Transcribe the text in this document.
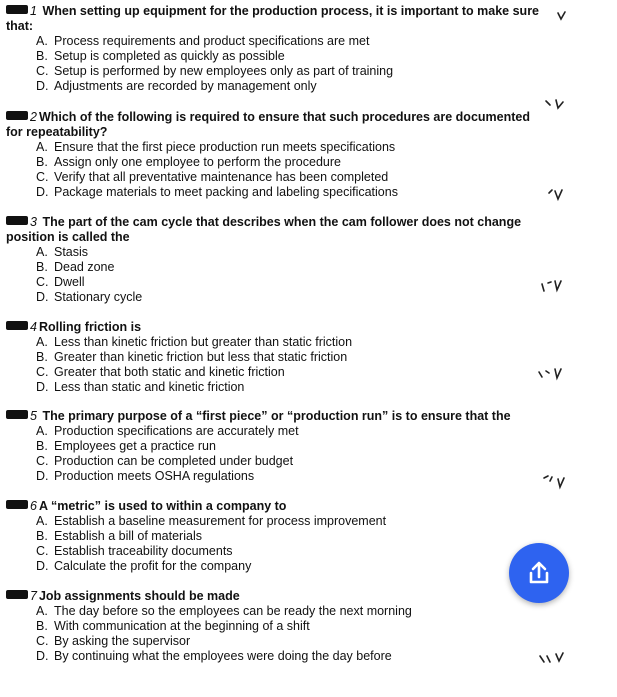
1 When setting up equipment for the production process, it is important to make sure
that:
A. Process requirements and product specifications are met
B. Setup is completed as quickly as possible
C. Setup is performed by new employees only as part of training
D. Adjustments are recorded by management only
2 Which of the following is required to ensure that such procedures are documented
for repeatability?
A. Ensure that the first piece production run meets specifications
B. Assign only one employee to perform the procedure
C. Verify that all preventative maintenance has been completed
D. Package materials to meet packing and labeling specifications
3 The part of the cam cycle that describes when the cam follower does not change
position is called the
A. Stasis
B. Dead zone
C. Dwell
D. Stationary cycle
4 Rolling friction is
A. Less than kinetic friction but greater than static friction
B. Greater than kinetic friction but less that static friction
C. Greater that both static and kinetic friction
D. Less than static and kinetic friction
5 The primary purpose of a “first piece” or “production run” is to ensure that the
A. Production specifications are accurately met
B. Employees get a practice run
C. Production can be completed under budget
D. Production meets OSHA regulations
6 A “metric” is used to within a company to
A. Establish a baseline measurement for process improvement
B. Establish a bill of materials
C. Establish traceability documents
D. Calculate the profit for the company
7 Job assignments should be made
A. The day before so the employees can be ready the next morning
B. With communication at the beginning of a shift
C. By asking the supervisor
D. By continuing what the employees were doing the day before
